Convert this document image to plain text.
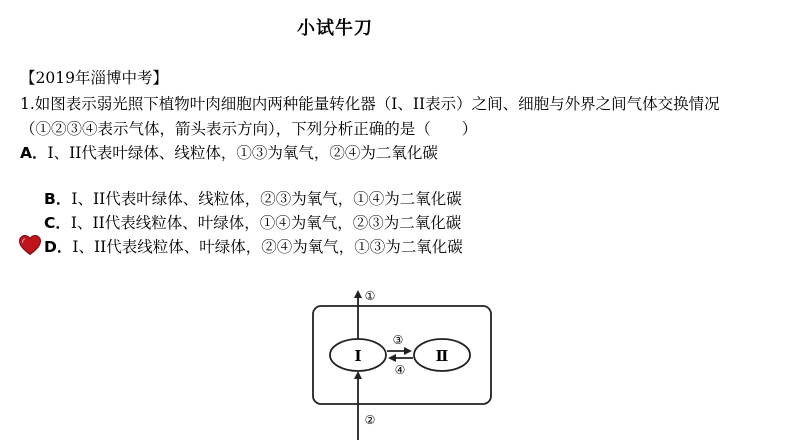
小试牛刀
【2019年淄博中考】
1.如图表示弱光照下植物叶肉细胞内两种能量转化器（I、II表示）之间、细胞与外界之间气体交换情况（①②③④表示气体，箭头表示方向），下列分析正确的是（　　）
A．I、II代表叶绿体、线粒体，①③为氧气，②④为二氧化碳
B．I、II代表叶绿体、线粒体，②③为氧气，①④为二氧化碳
C．I、II代表线粒体、叶绿体，①④为氧气，②③为二氧化碳
D．I、II代表线粒体、叶绿体，②④为氧气，①③为二氧化碳
Ⅰ	Ⅱ
①
②
③
④
